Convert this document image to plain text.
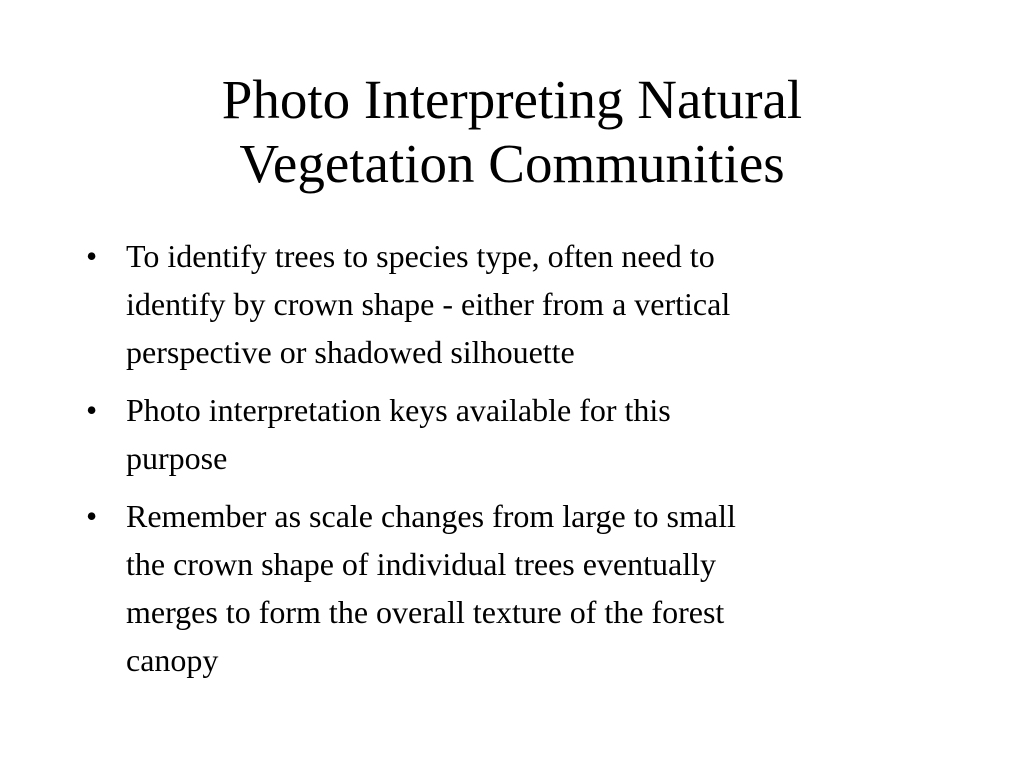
Photo Interpreting Natural
Vegetation Communities
• To identify trees to species type, often need to
identify by crown shape - either from a vertical
perspective or shadowed silhouette
• Photo interpretation keys available for this
purpose
• Remember as scale changes from large to small
the crown shape of individual trees eventually
merges to form the overall texture of the forest
canopy
